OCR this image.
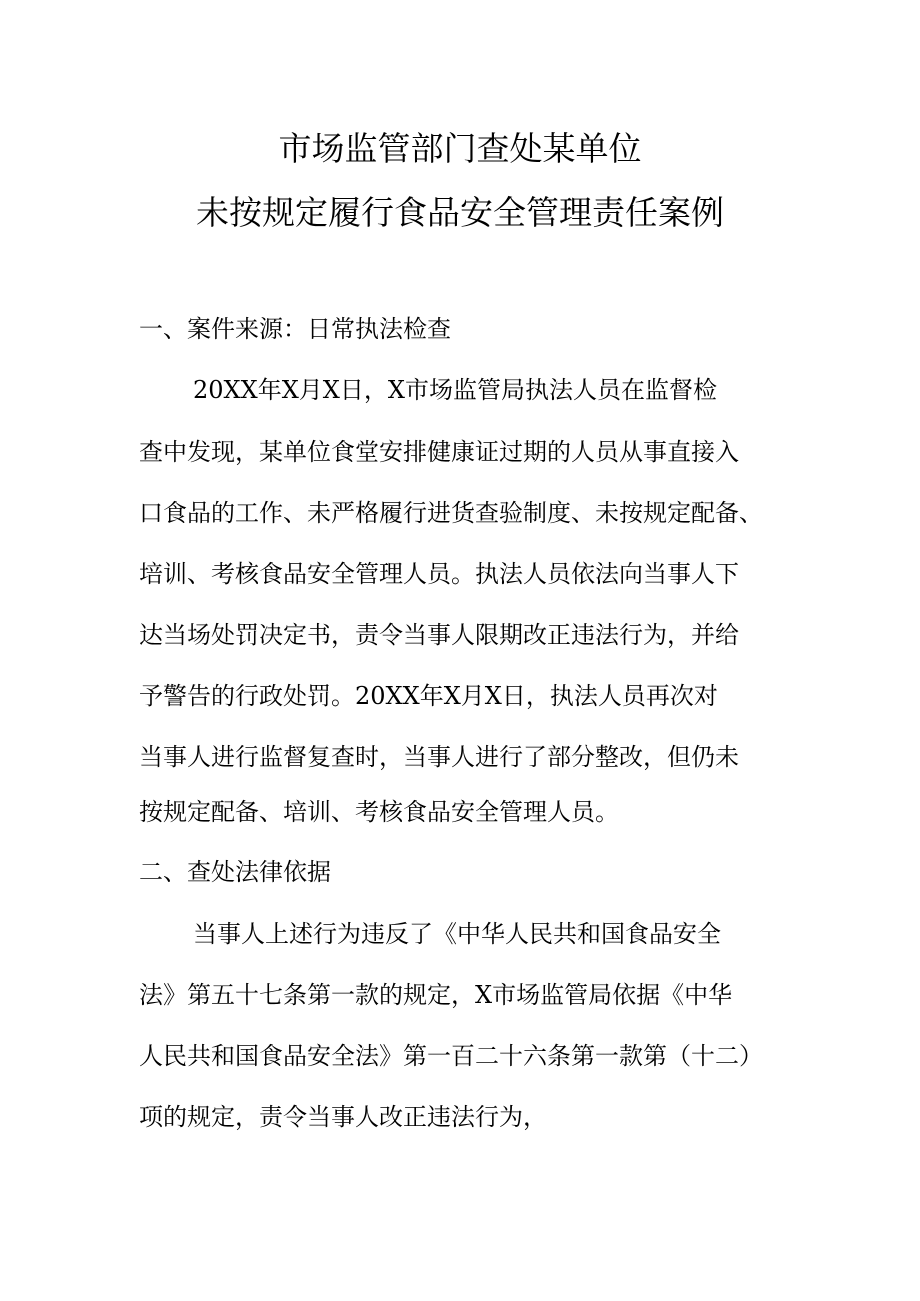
市场监管部门查处某单位
未按规定履行食品安全管理责任案例
一、案件来源：日常执法检查
20XX年X月X日，X市场监管局执法人员在监督检
查中发现，某单位食堂安排健康证过期的人员从事直接入
口食品的工作、未严格履行进货查验制度、未按规定配备、
培训、考核食品安全管理人员。执法人员依法向当事人下
达当场处罚决定书，责令当事人限期改正违法行为，并给
予警告的行政处罚。20XX年X月X日，执法人员再次对
当事人进行监督复查时，当事人进行了部分整改，但仍未
按规定配备、培训、考核食品安全管理人员。
二、查处法律依据
当事人上述行为违反了《中华人民共和国食品安全
法》第五十七条第一款的规定，X市场监管局依据《中华
人民共和国食品安全法》第一百二十六条第一款第（十二）
项的规定，责令当事人改正违法行为，
